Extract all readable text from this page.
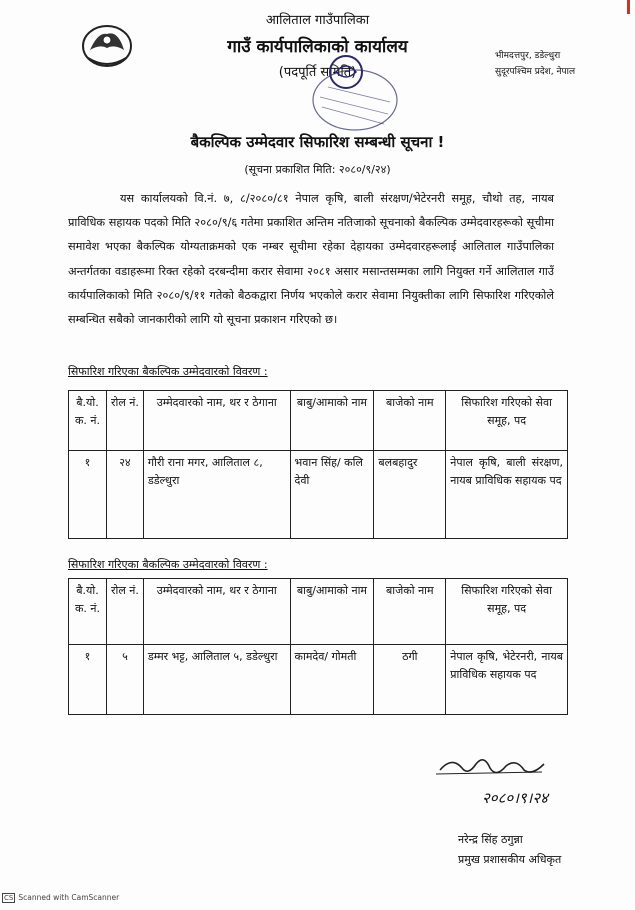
आलिताल गाउँपालिका
गाउँ कार्यपालिकाको कार्यालय
(पदपूर्ति समिति)
भीमदत्तपुर, डडेल्धुरा
सुदूरपश्चिम प्रदेश, नेपाल
बैकल्पिक उम्मेदवार सिफारिश सम्बन्धी सूचना !
(सूचना प्रकाशित मिति: २०८०/९/२४)
यस कार्यालयको वि.नं. ७, ८/२०८०/८१ नेपाल कृषि, बाली संरक्षण/भेटेरनरी समूह, चौथो तह, नायब प्राविधिक सहायक पदको मिति २०८०/९/६ गतेमा प्रकाशित अन्तिम नतिजाको सूचनाको बैकल्पिक उम्मेदवारहरूको सूचीमा समावेश भएका बैकल्पिक योग्यताक्रमको एक नम्बर सूचीमा रहेका देहायका उम्मेदवारहरूलाई आलिताल गाउँपालिका अन्तर्गतका वडाहरूमा रिक्त रहेको दरबन्दीमा करार सेवामा २०८१ असार मसान्तसम्मका लागि नियुक्त गर्ने आलिताल गाउँ कार्यपालिकाको मिति २०८०/९/११ गतेको बैठकद्वारा निर्णय भएकोले करार सेवामा नियुक्तीका लागि सिफारिश गरिएकोले सम्बन्धित सबैको जानकारीको लागि यो सूचना प्रकाशन गरिएको छ।
सिफारिश गरिएका बैकल्पिक उम्मेदवारको विवरण :
बै.यो. क. नं.	रोल नं.	उम्मेदवारको नाम, थर र ठेगाना	बाबु/आमाको नाम	बाजेको नाम	सिफारिश गरिएको सेवा समूह, पद
१	२४	गौरी राना मगर, आलिताल ८, डडेल्धुरा	भवान सिंह/ कलि देवी	बलबहादुर	नेपाल कृषि, बाली संरक्षण, नायब प्राविधिक सहायक पद
सिफारिश गरिएका बैकल्पिक उम्मेदवारको विवरण :
बै.यो. क. नं.	रोल नं.	उम्मेदवारको नाम, थर र ठेगाना	बाबु/आमाको नाम	बाजेको नाम	सिफारिश गरिएको सेवा समूह, पद
१	५	डम्मर भट्ट, आलिताल ५, डडेल्धुरा	कामदेव/ गोमती	ठगी	नेपाल कृषि, भेटेरनरी, नायब प्राविधिक सहायक पद
२०८०।९।२४
नरेन्द्र सिंह ठगुन्ना
प्रमुख प्रशासकीय अधिकृत
CS Scanned with CamScanner
